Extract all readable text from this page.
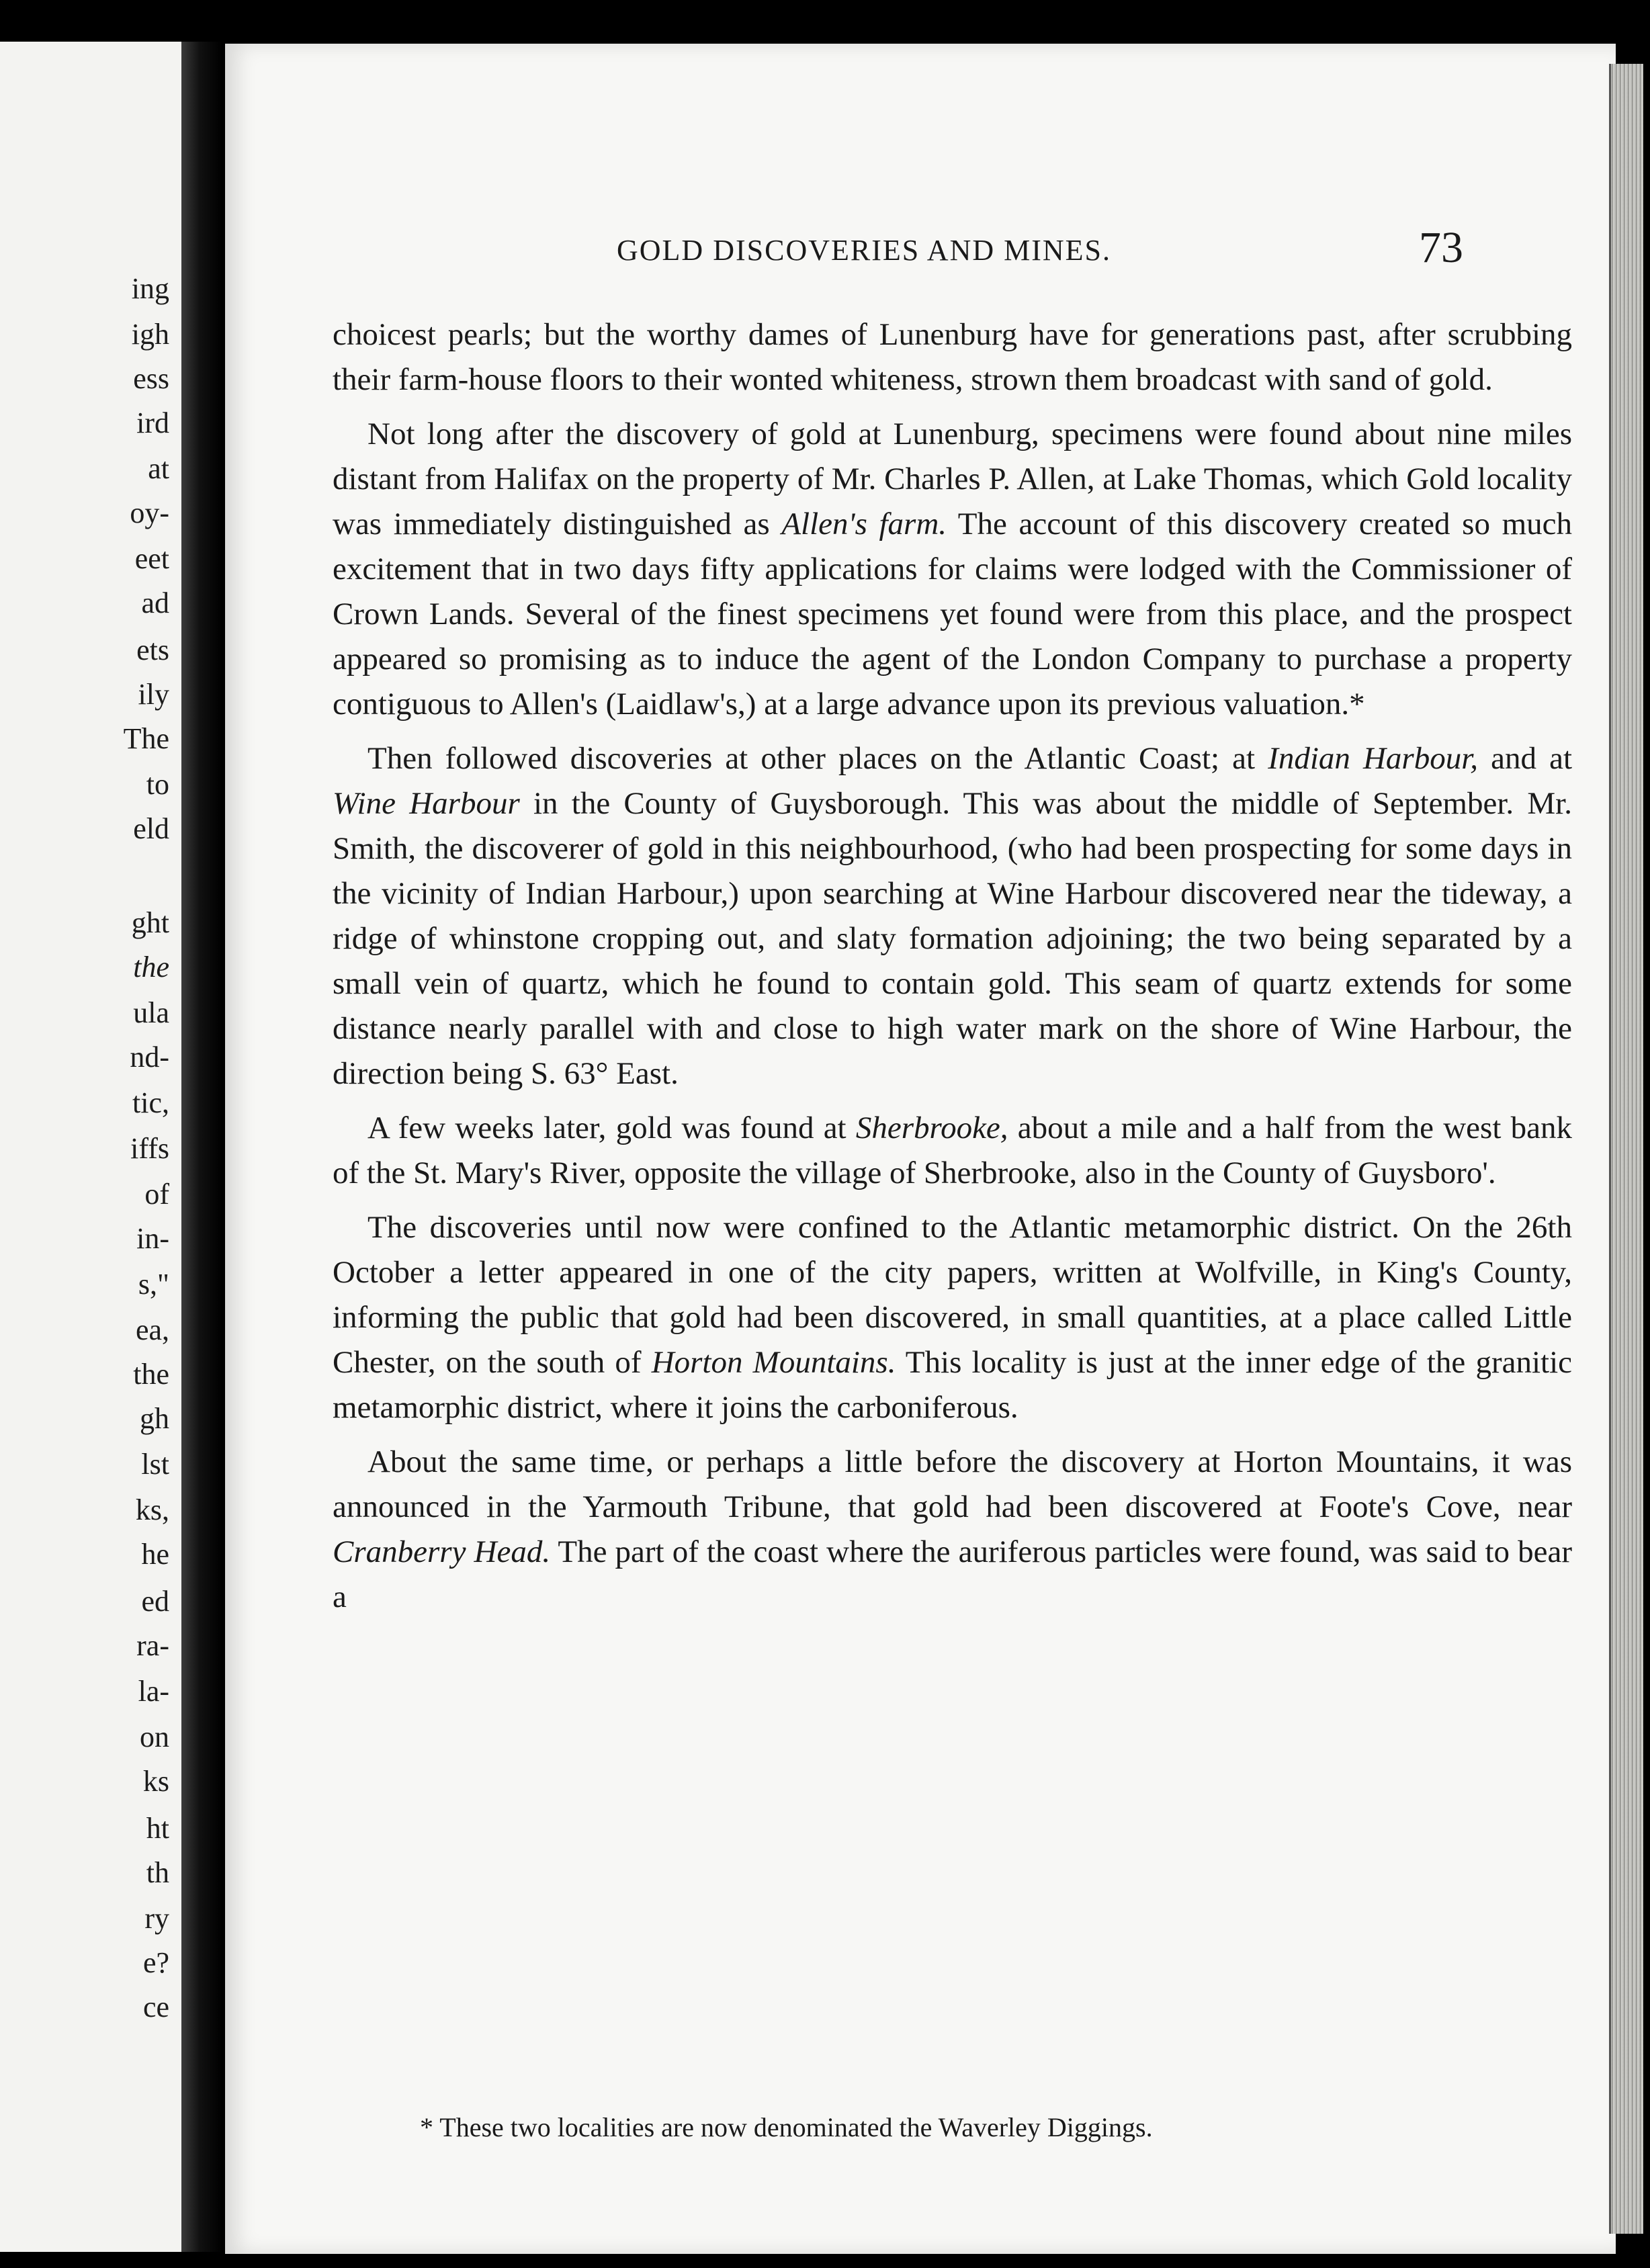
ing
igh
ess
ird
at
oy-
eet
ad
ets
ily
The
to
eld
ght
the
ula
nd-
tic,
iffs
of
in-
s,"
ea,
the
gh
lst
ks,
he
ed
ra-
la-
on
ks
ht
th
ry
e?
ce
GOLD DISCOVERIES AND MINES.	73

choicest pearls; but the worthy dames of Lunenburg have for generations past, after scrubbing their farm-house floors to their wonted whiteness, strown them broadcast with sand of gold.

Not long after the discovery of gold at Lunenburg, specimens were found about nine miles distant from Halifax on the property of Mr. Charles P. Allen, at Lake Thomas, which Gold locality was immediately distinguished as Allen's farm. The account of this discovery created so much excitement that in two days fifty applications for claims were lodged with the Commissioner of Crown Lands. Several of the finest specimens yet found were from this place, and the prospect appeared so promising as to induce the agent of the London Company to purchase a property contiguous to Allen's (Laidlaw's,) at a large advance upon its previous valuation.*

Then followed discoveries at other places on the Atlantic Coast; at Indian Harbour, and at Wine Harbour in the County of Guysborough. This was about the middle of September. Mr. Smith, the discoverer of gold in this neighbourhood, (who had been prospecting for some days in the vicinity of Indian Harbour,) upon searching at Wine Harbour discovered near the tideway, a ridge of whinstone cropping out, and slaty formation adjoining; the two being separated by a small vein of quartz, which he found to contain gold. This seam of quartz extends for some distance nearly parallel with and close to high water mark on the shore of Wine Harbour, the direction being S. 63° East.

A few weeks later, gold was found at Sherbrooke, about a mile and a half from the west bank of the St. Mary's River, opposite the village of Sherbrooke, also in the County of Guysboro'.

The discoveries until now were confined to the Atlantic metamorphic district. On the 26th October a letter appeared in one of the city papers, written at Wolfville, in King's County, informing the public that gold had been discovered, in small quantities, at a place called Little Chester, on the south of Horton Mountains. This locality is just at the inner edge of the granitic metamorphic district, where it joins the carboniferous.

About the same time, or perhaps a little before the discovery at Horton Mountains, it was announced in the Yarmouth Tribune, that gold had been discovered at Foote's Cove, near Cranberry Head. The part of the coast where the auriferous particles were found, was said to bear a

* These two localities are now denominated the Waverley Diggings.
